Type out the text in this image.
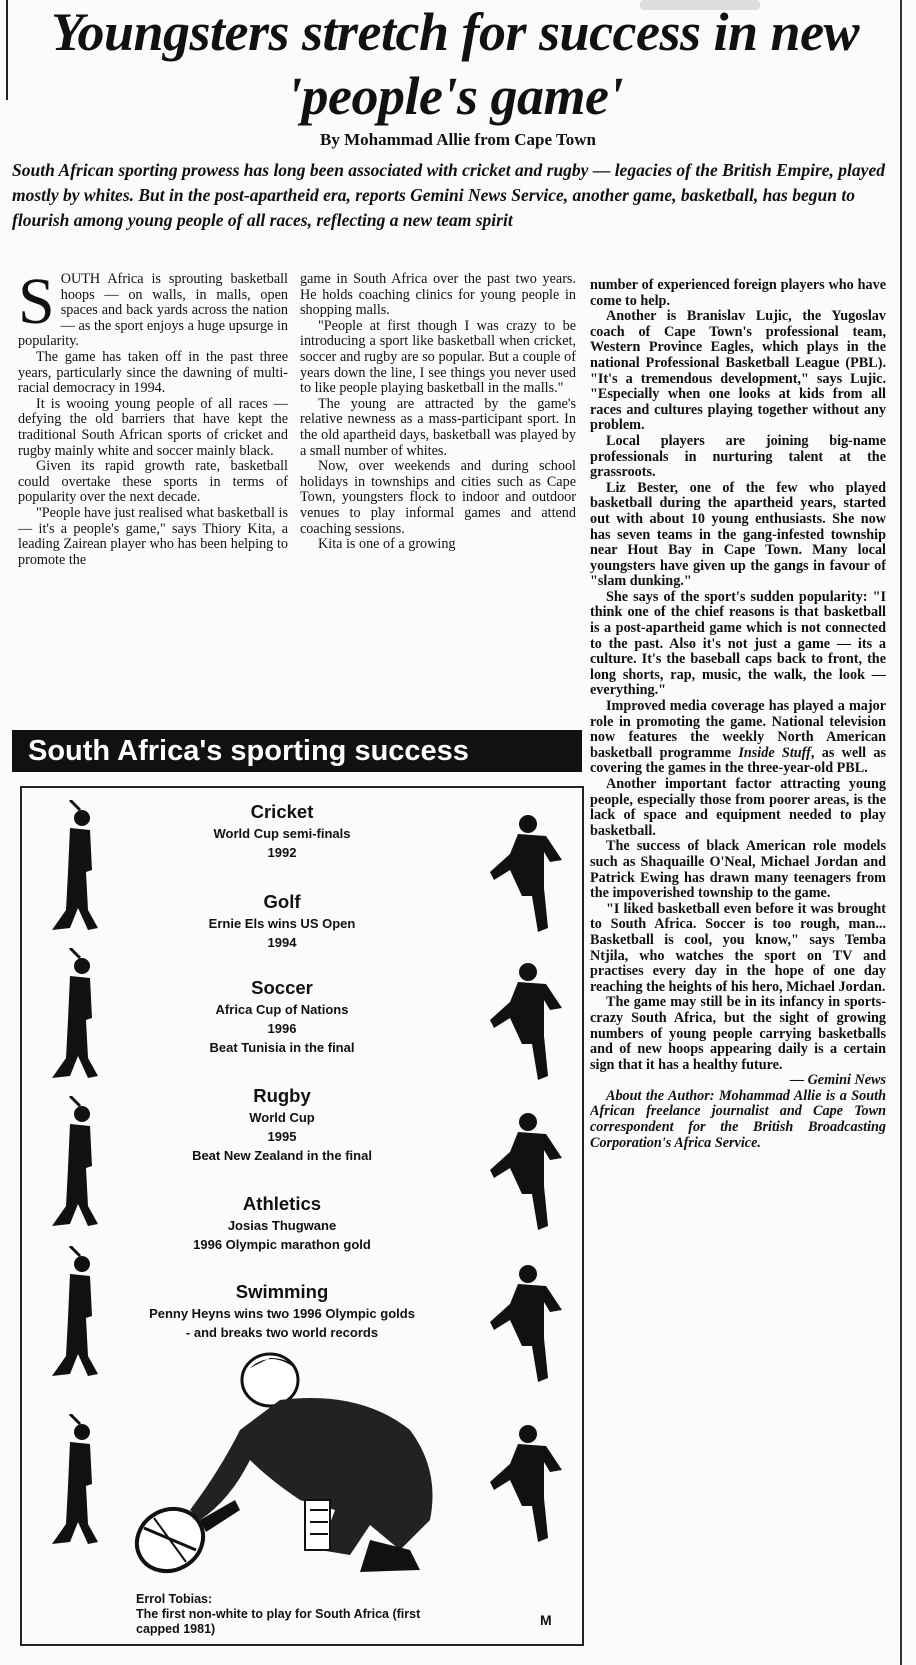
Youngsters stretch for success in new 'people's game'
By Mohammad Allie from Cape Town

South African sporting prowess has long been associated with cricket and rugby — legacies of the British Empire, played mostly by whites. But in the post-apartheid era, reports Gemini News Service, another game, basketball, has begun to flourish among young people of all races, reflecting a new team spirit

SOUTH Africa is sprouting basketball hoops — on walls, in malls, open spaces and back yards across the nation — as the sport enjoys a huge upsurge in popularity.

The game has taken off in the past three years, particularly since the dawning of multi-racial democracy in 1994.

It is wooing young people of all races — defying the old barriers that have kept the traditional South African sports of cricket and rugby mainly white and soccer mainly black.

Given its rapid growth rate, basketball could overtake these sports in terms of popularity over the next decade.

"People have just realised what basketball is — it's a people's game," says Thiory Kita, a leading Zairean player who has been helping to promote the

game in South Africa over the past two years. He holds coaching clinics for young people in shopping malls.

"People at first though I was crazy to be introducing a sport like basketball when cricket, soccer and rugby are so popular. But a couple of years down the line, I see things you never used to like people playing basketball in the malls."

The young are attracted by the game's relative newness as a mass-participant sport. In the old apartheid days, basketball was played by a small number of whites.

Now, over weekends and during school holidays in townships and cities such as Cape Town, youngsters flock to indoor and outdoor venues to play informal games and attend coaching sessions.

Kita is one of a growing

number of experienced foreign players who have come to help.

Another is Branislav Lujic, the Yugoslav coach of Cape Town's professional team, Western Province Eagles, which plays in the national Professional Basketball League (PBL). "It's a tremendous development," says Lujic. "Especially when one looks at kids from all races and cultures playing together without any problem.

Local players are joining big-name professionals in nurturing talent at the grassroots.

Liz Bester, one of the few who played basketball during the apartheid years, started out with about 10 young enthusiasts. She now has seven teams in the gang-infested township near Hout Bay in Cape Town. Many local youngsters have given up the gangs in favour of "slam dunking."

She says of the sport's sudden popularity: "I think one of the chief reasons is that basketball is a post-apartheid game which is not connected to the past. Also it's not just a game — its a culture. It's the baseball caps back to front, the long shorts, rap, music, the walk, the look — everything."

Improved media coverage has played a major role in promoting the game. National television now features the weekly North American basketball programme Inside Stuff, as well as covering the games in the three-year-old PBL.

Another important factor attracting young people, especially those from poorer areas, is the lack of space and equipment needed to play basketball.

The success of black American role models such as Shaquaille O'Neal, Michael Jordan and Patrick Ewing has drawn many teenagers from the impoverished township to the game.

"I liked basketball even before it was brought to South Africa. Soccer is too rough, man... Basketball is cool, you know," says Temba Ntjila, who watches the sport on TV and practises every day in the hope of one day reaching the heights of his hero, Michael Jordan.

The game may still be in its infancy in sports-crazy South Africa, but the sight of growing numbers of young people carrying basketballs and of new hoops appearing daily is a certain sign that it has a healthy future.

— Gemini News

About the Author: Mohammad Allie is a South African freelance journalist and Cape Town correspondent for the British Broadcasting Corporation's Africa Service.

South Africa's sporting success
Cricket
World Cup semi-finals
1992
Golf
Ernie Els wins US Open
1994
Soccer
Africa Cup of Nations
1996
Beat Tunisia in the final
Rugby
World Cup
1995
Beat New Zealand in the final
Athletics
Josias Thugwane
1996 Olympic marathon gold
Swimming
Penny Heyns wins two 1996 Olympic golds
- and breaks two world records
Errol Tobias:
The first non-white to play for South Africa (first capped 1981)
M
